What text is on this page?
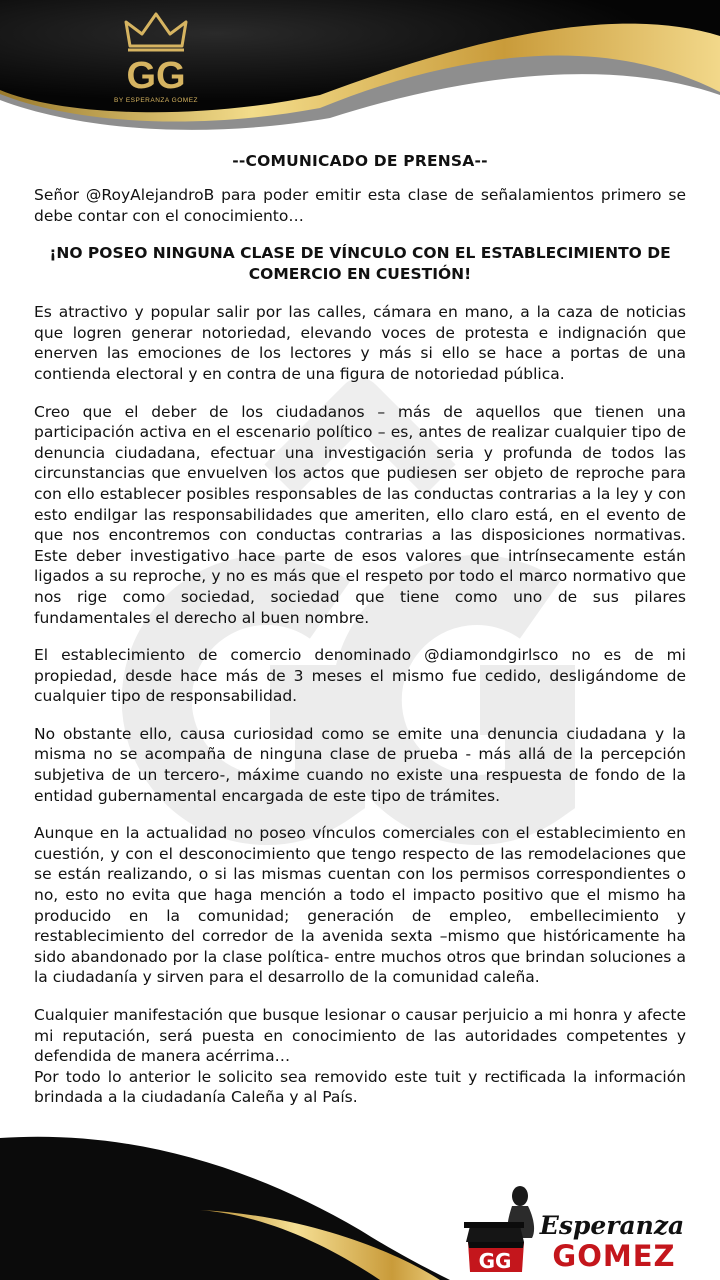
GG
BY ESPERANZA GOMEZ
--COMUNICADO DE PRENSA--

Señor @RoyAlejandroB para poder emitir esta clase de señalamientos primero se debe contar con el conocimiento…

¡NO POSEO NINGUNA CLASE DE VÍNCULO CON EL ESTABLECIMIENTO DE COMERCIO EN CUESTIÓN!

Es atractivo y popular salir por las calles, cámara en mano, a la caza de noticias que logren generar notoriedad, elevando voces de protesta e indignación que enerven las emociones de los lectores y más si ello se hace a portas de una contienda electoral y en contra de una figura de notoriedad pública.

Creo que el deber de los ciudadanos – más de aquellos que tienen una participación activa en el escenario político – es, antes de realizar cualquier tipo de denuncia ciudadana, efectuar una investigación seria y profunda de todos las circunstancias que envuelven los actos que pudiesen ser objeto de reproche para con ello establecer posibles responsables de las conductas contrarias a la ley y con esto endilgar las responsabilidades que ameriten, ello claro está, en el evento de que nos encontremos con conductas contrarias a las disposiciones normativas. Este deber investigativo hace parte de esos valores que intrínsecamente están ligados a su reproche, y no es más que el respeto por todo el marco normativo que nos rige como sociedad, sociedad que tiene como uno de sus pilares fundamentales el derecho al buen nombre.

El establecimiento de comercio denominado @diamondgirlsco no es de mi propiedad, desde hace más de 3 meses el mismo fue cedido, desligándome de cualquier tipo de responsabilidad.

No obstante ello, causa curiosidad como se emite una denuncia ciudadana y la misma no se acompaña de ninguna clase de prueba - más allá de la percepción subjetiva de un tercero-, máxime cuando no existe una respuesta de fondo de la entidad gubernamental encargada de este tipo de trámites.

Aunque en la actualidad no poseo vínculos comerciales con el establecimiento en cuestión, y con el desconocimiento que tengo respecto de las remodelaciones que se están realizando, o si las mismas cuentan con los permisos correspondientes o no, esto no evita que haga mención a todo el impacto positivo que el mismo ha producido en la comunidad; generación de empleo, embellecimiento y restablecimiento del corredor de la avenida sexta –mismo que históricamente ha sido abandonado por la clase política- entre muchos otros que brindan soluciones a la ciudadanía y sirven para el desarrollo de la comunidad caleña.

Cualquier manifestación que busque lesionar o causar perjuicio a mi honra y afecte mi reputación, será puesta en conocimiento de las autoridades competentes y defendida de manera acérrima…

Por todo lo anterior le solicito sea removido este tuit y rectificada la información brindada a la ciudadanía Caleña y al País.

GG
Esperanza
GOMEZ
